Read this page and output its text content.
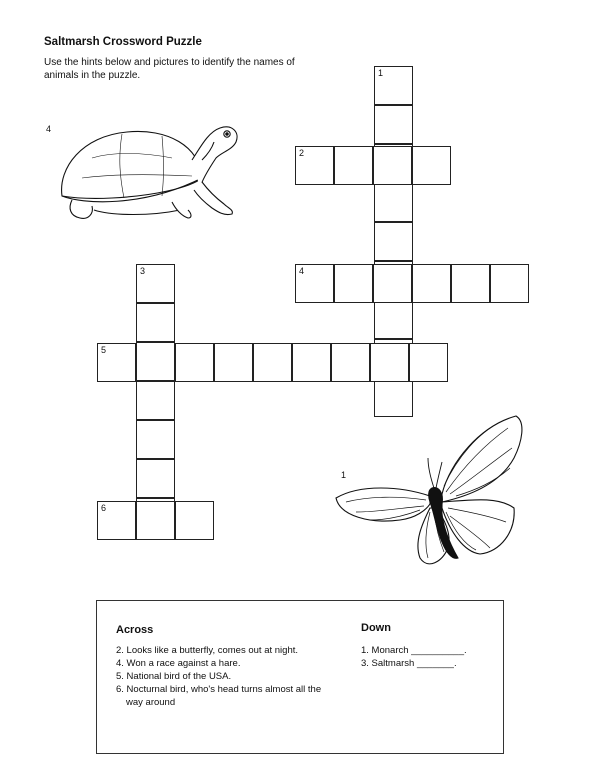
Saltmarsh Crossword Puzzle
Use the hints below and pictures to identify the names of animals in the puzzle.
4
1
2
4
5
3
6
1
Across
2. Looks like a butterfly, comes out at night.
4. Won a race against a hare.
5. National bird of the USA.
6. Nocturnal bird, who's head turns almost all the way around
Down
1. Monarch __________.
3. Saltmarsh _______.
